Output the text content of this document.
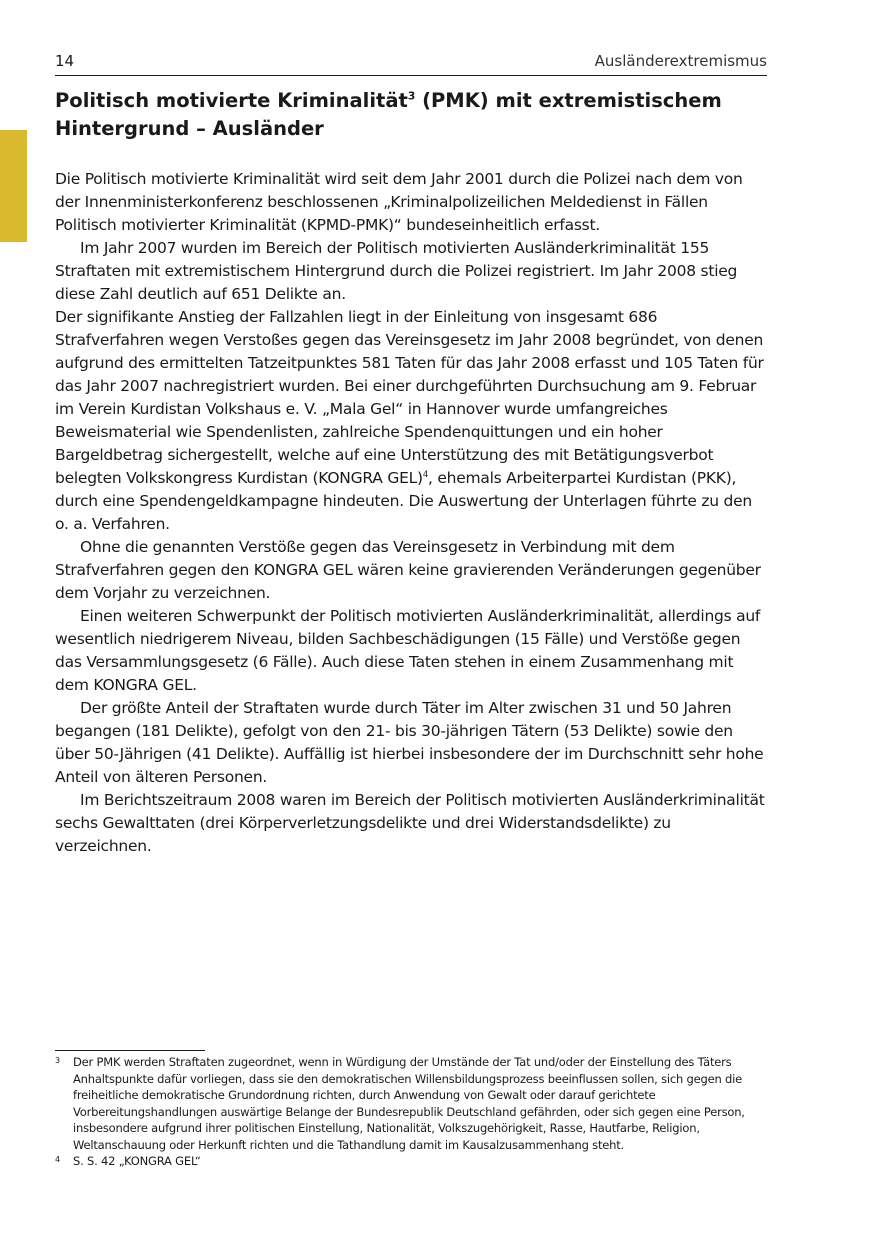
14	Ausländerextremismus
Politisch motivierte Kriminalität$^3$ (PMK) mit extremistischem
Hintergrund – Ausländer

Die Politisch motivierte Kriminalität wird seit dem Jahr 2001 durch die Polizei nach dem von der Innenministerkonferenz beschlossenen „Kriminalpolizeilichen Meldedienst in Fällen Politisch motivierter Kriminalität (KPMD-PMK)“ bundeseinheitlich erfasst.

Im Jahr 2007 wurden im Bereich der Politisch motivierten Ausländerkriminalität 155 Straftaten mit extremistischem Hintergrund durch die Polizei registriert. Im Jahr 2008 stieg diese Zahl deutlich auf 651 Delikte an.

Der signifikante Anstieg der Fallzahlen liegt in der Einleitung von insgesamt 686 Strafverfahren wegen Verstoßes gegen das Vereinsgesetz im Jahr 2008 begründet, von denen aufgrund des ermittelten Tatzeitpunktes 581 Taten für das Jahr 2008 erfasst und 105 Taten für das Jahr 2007 nachregistriert wurden. Bei einer durchgeführten Durchsuchung am 9. Februar im Verein Kurdistan Volkshaus e. V. „Mala Gel“ in Hannover wurde umfangreiches Beweismaterial wie Spendenlisten, zahlreiche Spendenquittungen und ein hoher Bargeldbetrag sichergestellt, welche auf eine Unterstützung des mit Betätigungsverbot belegten Volkskongress Kurdistan (KONGRA GEL)$^4$, ehemals Arbeiterpartei Kurdistan (PKK), durch eine Spendengeldkampagne hindeuten. Die Auswertung der Unterlagen führte zu den o. a. Verfahren.

Ohne die genannten Verstöße gegen das Vereinsgesetz in Verbindung mit dem Strafverfahren gegen den KONGRA GEL wären keine gravierenden Veränderungen gegenüber dem Vorjahr zu verzeichnen.

Einen weiteren Schwerpunkt der Politisch motivierten Ausländerkriminalität, allerdings auf wesentlich niedrigerem Niveau, bilden Sachbeschädigungen (15 Fälle) und Verstöße gegen das Versammlungsgesetz (6 Fälle). Auch diese Taten stehen in einem Zusammenhang mit dem KONGRA GEL.

Der größte Anteil der Straftaten wurde durch Täter im Alter zwischen 31 und 50 Jahren begangen (181 Delikte), gefolgt von den 21- bis 30-jährigen Tätern (53 Delikte) sowie den über 50-Jährigen (41 Delikte). Auffällig ist hierbei insbesondere der im Durchschnitt sehr hohe Anteil von älteren Personen.

Im Berichtszeitraum 2008 waren im Bereich der Politisch motivierten Ausländerkriminalität sechs Gewalttaten (drei Körperverletzungsdelikte und drei Widerstandsdelikte) zu verzeichnen.

3	Der PMK werden Straftaten zugeordnet, wenn in Würdigung der Umstände der Tat und/oder der Einstellung des Täters Anhaltspunkte dafür vorliegen, dass sie den demokratischen Willensbildungsprozess beeinflussen sollen, sich gegen die freiheitliche demokratische Grundordnung richten, durch Anwendung von Gewalt oder darauf gerichtete Vorbereitungshandlungen auswärtige Belange der Bundesrepublik Deutschland gefährden, oder sich gegen eine Person, insbesondere aufgrund ihrer politischen Einstellung, Nationalität, Volkszugehörigkeit, Rasse, Hautfarbe, Religion, Weltanschauung oder Herkunft richten und die Tathandlung damit im Kausalzusammenhang steht.
4	S. S. 42 „KONGRA GEL“
